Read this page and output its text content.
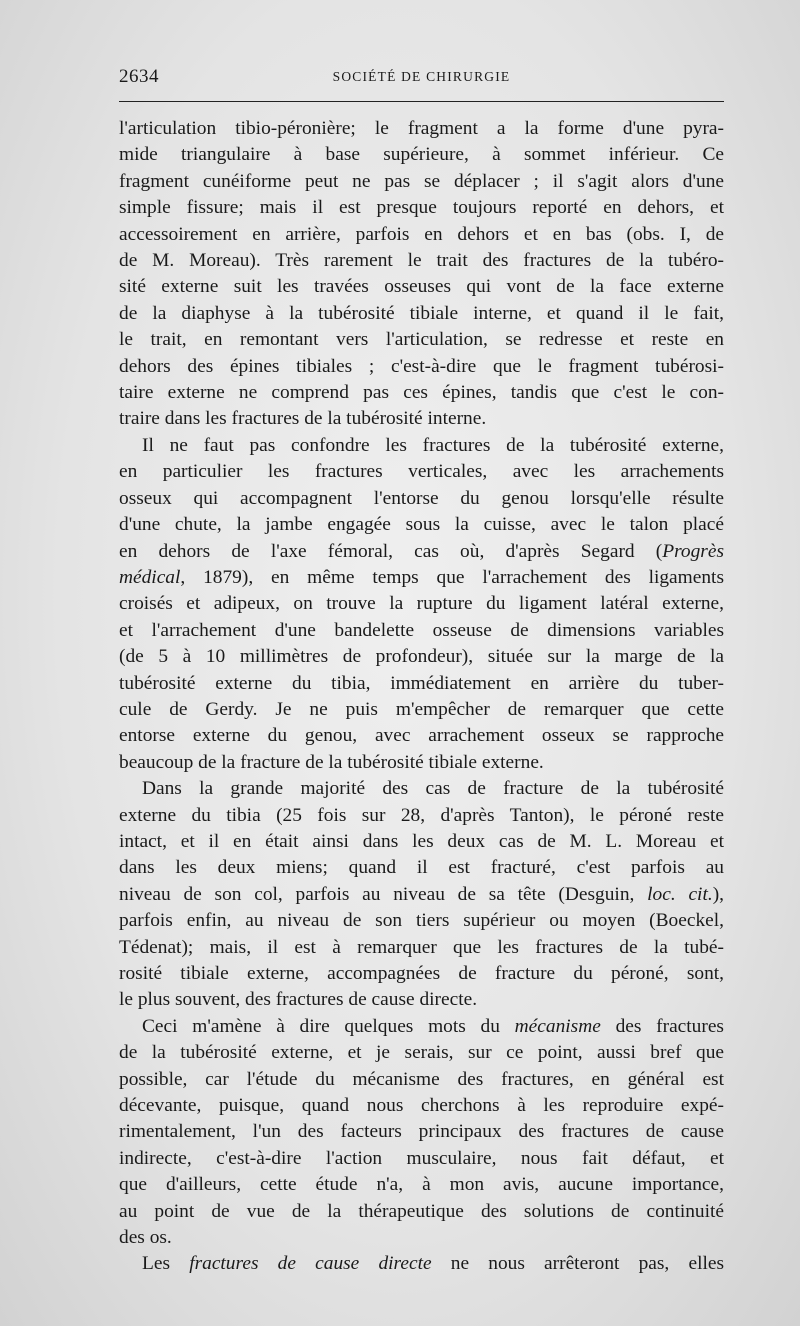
2634	SOCIÉTÉ DE CHIRURGIE
l'articulation tibio-péronière; le fragment a la forme d'une pyra-
mide triangulaire à base supérieure, à sommet inférieur. Ce
fragment cunéiforme peut ne pas se déplacer ; il s'agit alors d'une
simple fissure; mais il est presque toujours reporté en dehors, et
accessoirement en arrière, parfois en dehors et en bas (obs. I, de
de M. Moreau). Très rarement le trait des fractures de la tubéro-
sité externe suit les travées osseuses qui vont de la face externe
de la diaphyse à la tubérosité tibiale interne, et quand il le fait,
le trait, en remontant vers l'articulation, se redresse et reste en
dehors des épines tibiales ; c'est-à-dire que le fragment tubérosi-
taire externe ne comprend pas ces épines, tandis que c'est le con-
traire dans les fractures de la tubérosité interne.
Il ne faut pas confondre les fractures de la tubérosité externe,
en particulier les fractures verticales, avec les arrachements
osseux qui accompagnent l'entorse du genou lorsqu'elle résulte
d'une chute, la jambe engagée sous la cuisse, avec le talon placé
en dehors de l'axe fémoral, cas où, d'après Segard (Progrès
médical, 1879), en même temps que l'arrachement des ligaments
croisés et adipeux, on trouve la rupture du ligament latéral externe,
et l'arrachement d'une bandelette osseuse de dimensions variables
(de 5 à 10 millimètres de profondeur), située sur la marge de la
tubérosité externe du tibia, immédiatement en arrière du tuber-
cule de Gerdy. Je ne puis m'empêcher de remarquer que cette
entorse externe du genou, avec arrachement osseux se rapproche
beaucoup de la fracture de la tubérosité tibiale externe.
Dans la grande majorité des cas de fracture de la tubérosité
externe du tibia (25 fois sur 28, d'après Tanton), le péroné reste
intact, et il en était ainsi dans les deux cas de M. L. Moreau et
dans les deux miens; quand il est fracturé, c'est parfois au
niveau de son col, parfois au niveau de sa tête (Desguin, loc. cit.),
parfois enfin, au niveau de son tiers supérieur ou moyen (Boeckel,
Tédenat); mais, il est à remarquer que les fractures de la tubé-
rosité tibiale externe, accompagnées de fracture du péroné, sont,
le plus souvent, des fractures de cause directe.
Ceci m'amène à dire quelques mots du mécanisme des fractures
de la tubérosité externe, et je serais, sur ce point, aussi bref que
possible, car l'étude du mécanisme des fractures, en général est
décevante, puisque, quand nous cherchons à les reproduire expé-
rimentalement, l'un des facteurs principaux des fractures de cause
indirecte, c'est-à-dire l'action musculaire, nous fait défaut, et
que d'ailleurs, cette étude n'a, à mon avis, aucune importance,
au point de vue de la thérapeutique des solutions de continuité
des os.
Les fractures de cause directe ne nous arrêteront pas, elles
